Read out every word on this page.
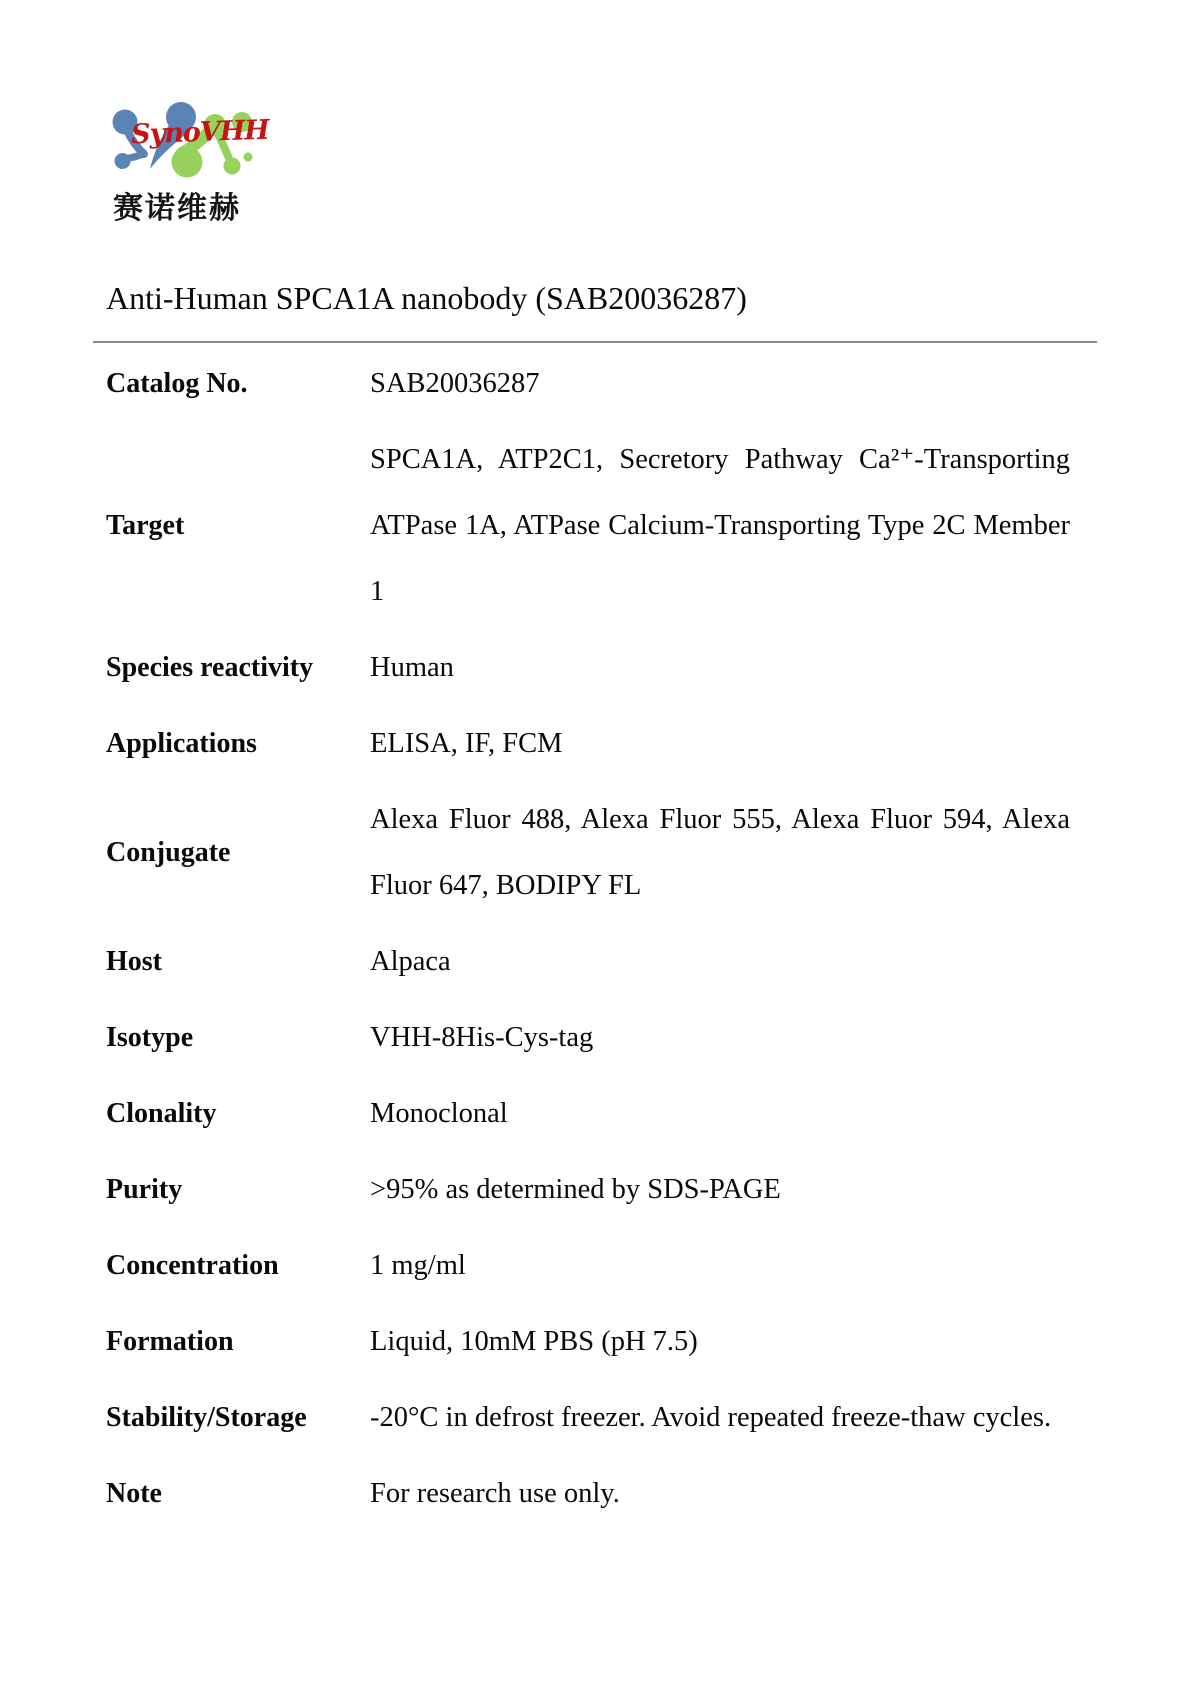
SynoVHH
赛诺维赫
Anti-Human SPCA1A nanobody (SAB20036287)
Catalog No.	SAB20036287
Target	SPCA1A, ATP2C1, Secretory Pathway Ca²⁺-Transporting ATPase 1A, ATPase Calcium-Transporting Type 2C Member 1
Species reactivity	Human
Applications	ELISA, IF, FCM
Conjugate	Alexa Fluor 488, Alexa Fluor 555, Alexa Fluor 594, Alexa Fluor 647, BODIPY FL
Host	Alpaca
Isotype	VHH-8His-Cys-tag
Clonality	Monoclonal
Purity	>95% as determined by SDS-PAGE
Concentration	1 mg/ml
Formation	Liquid, 10mM PBS (pH 7.5)
Stability/Storage	-20°C in defrost freezer. Avoid repeated freeze-thaw cycles.
Note	For research use only.
